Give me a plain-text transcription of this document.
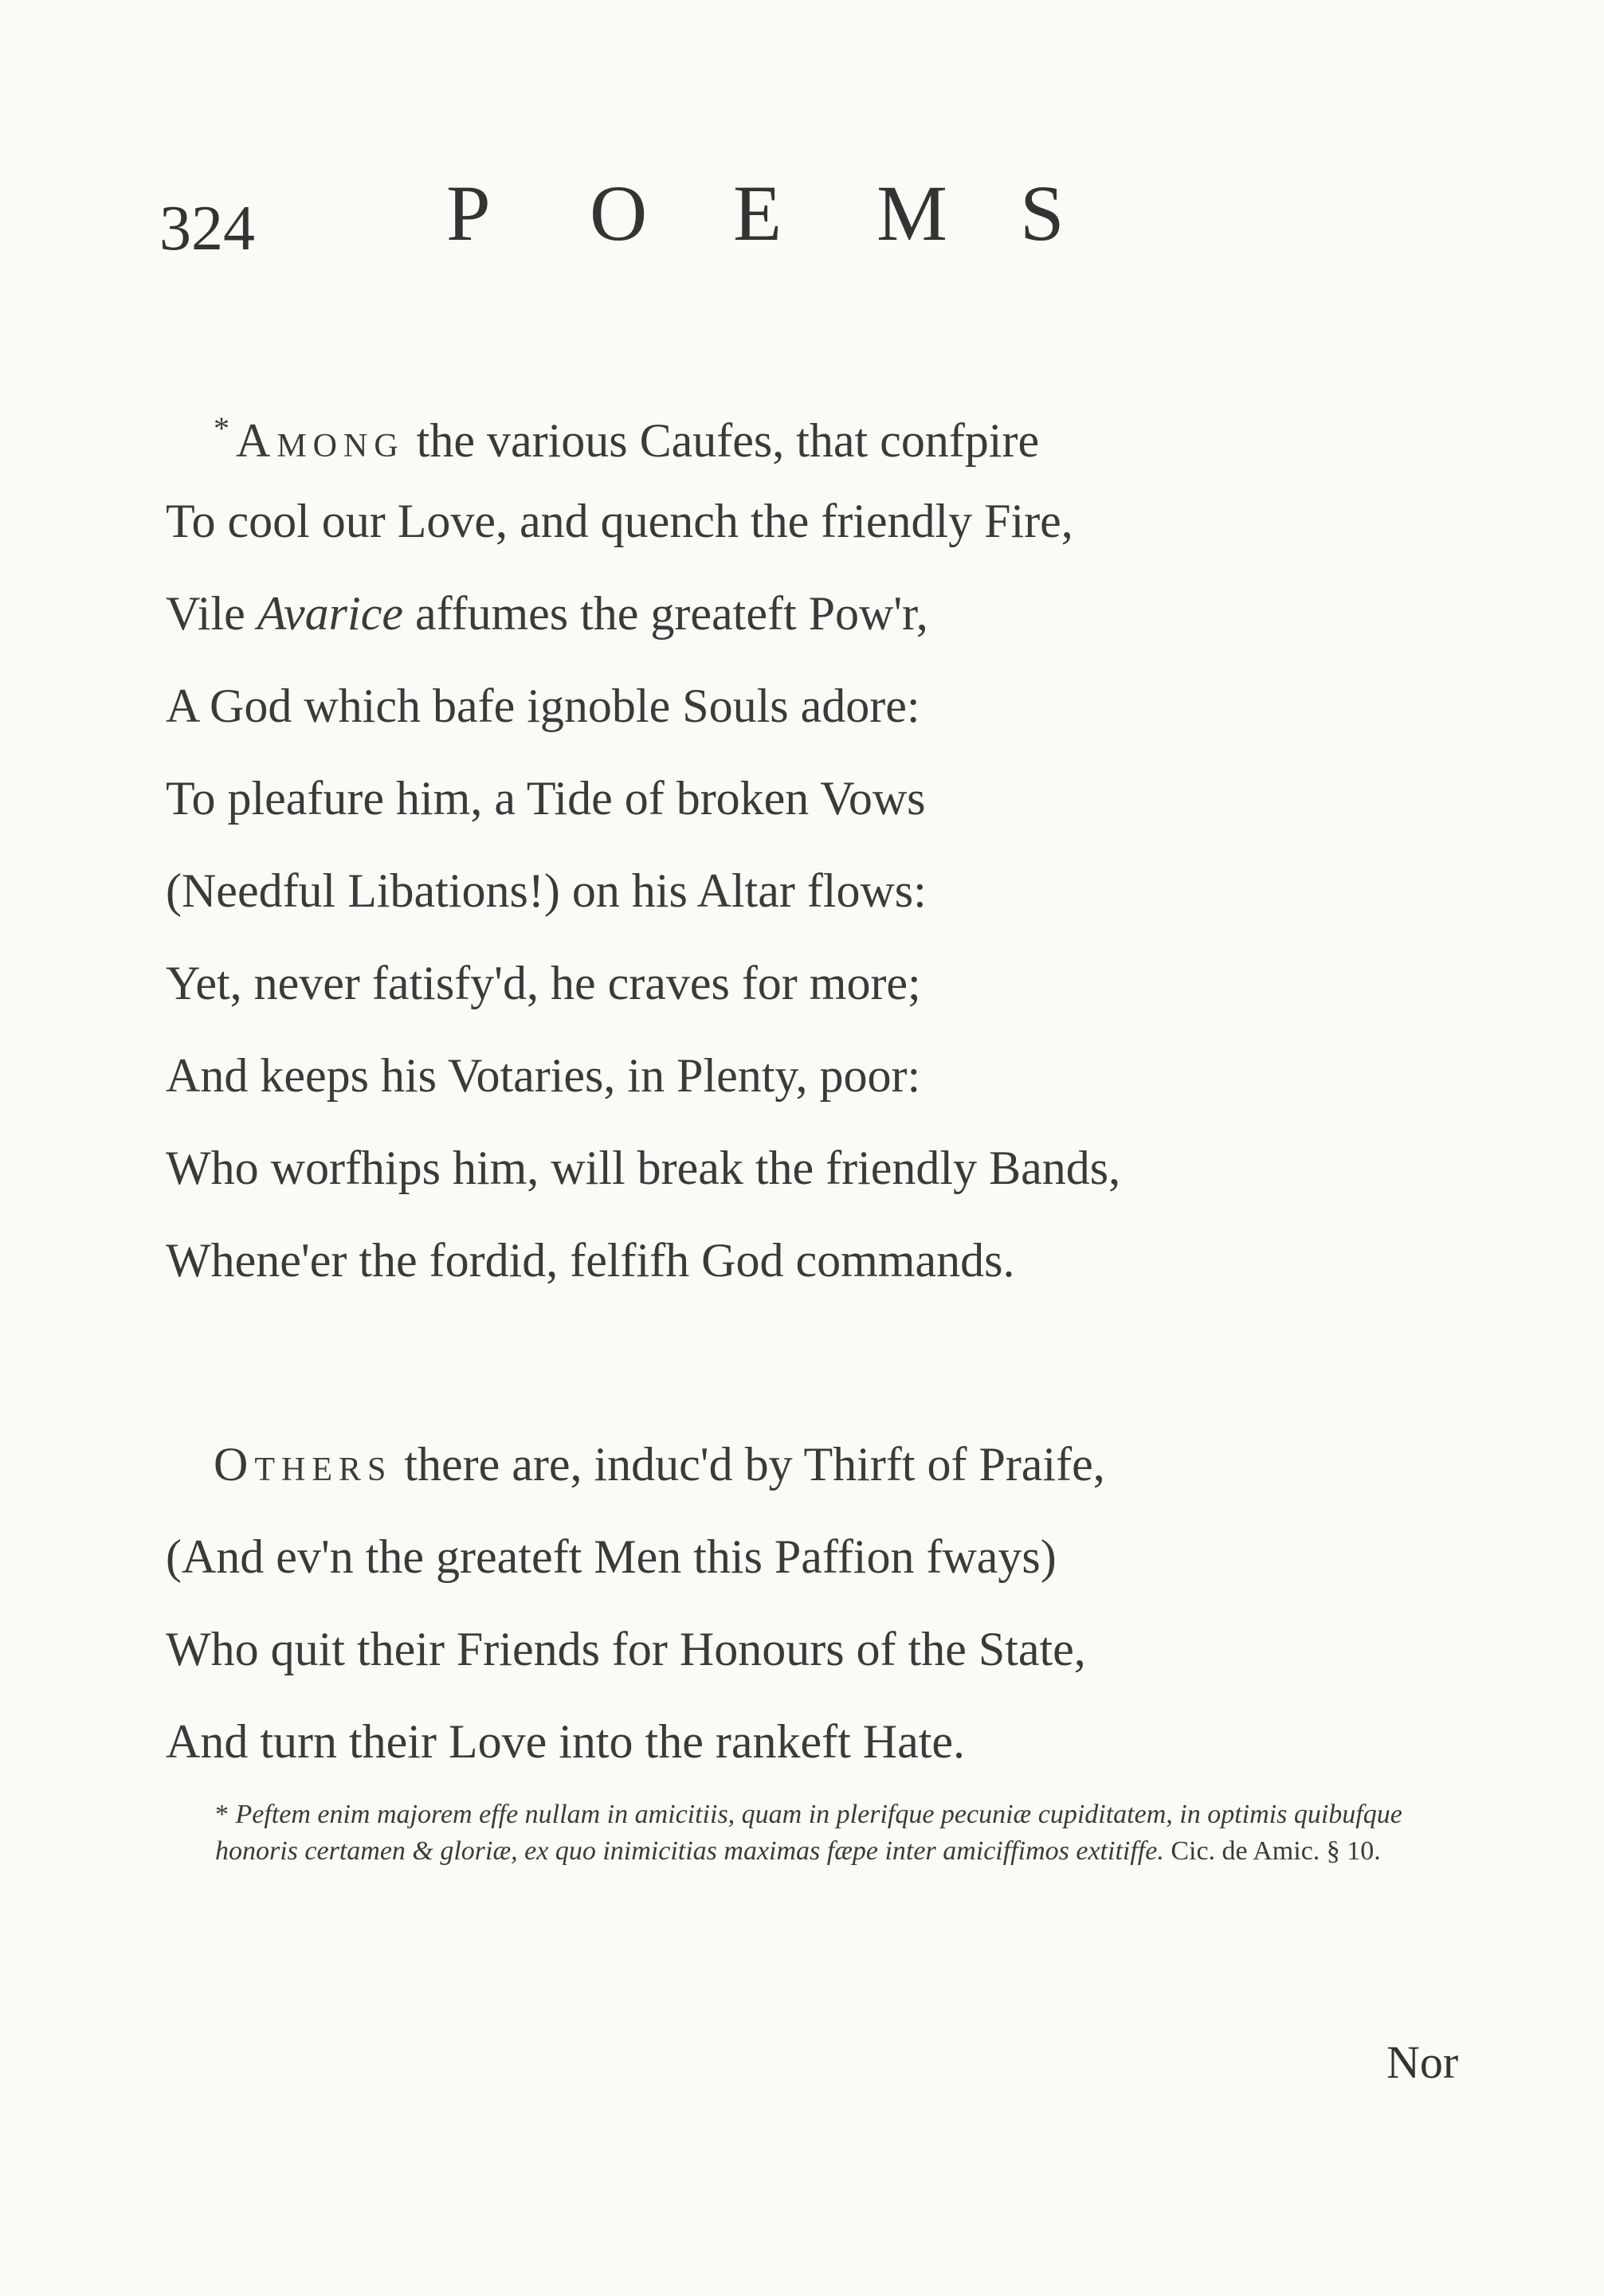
324 P O E M S
* Among the various Caufes, that confpire
To cool our Love, and quench the friendly Fire,
Vile Avarice affumes the greateft Pow'r,
A God which bafe ignoble Souls adore:
To pleafure him, a Tide of broken Vows
(Needful Libations!) on his Altar flows:
Yet, never fatisfy'd, he craves for more;
And keeps his Votaries, in Plenty, poor:
Who worfhips him, will break the friendly Bands,
Whene'er the fordid, felfifh God commands.
Others there are, induc'd by Thirft of Praife,
(And ev'n the greateft Men this Paffion fways)
Who quit their Friends for Honours of the State,
And turn their Love into the rankeft Hate.
* Peftem enim majorem effe nullam in amicitiis, quam in plerifque pecuniæ cupiditatem, in optimis quibufque honoris certamen & gloriæ, ex quo inimicitias maximas fæpe inter amiciffimos extitiffe. Cic. de Amic. § 10.
Nor
